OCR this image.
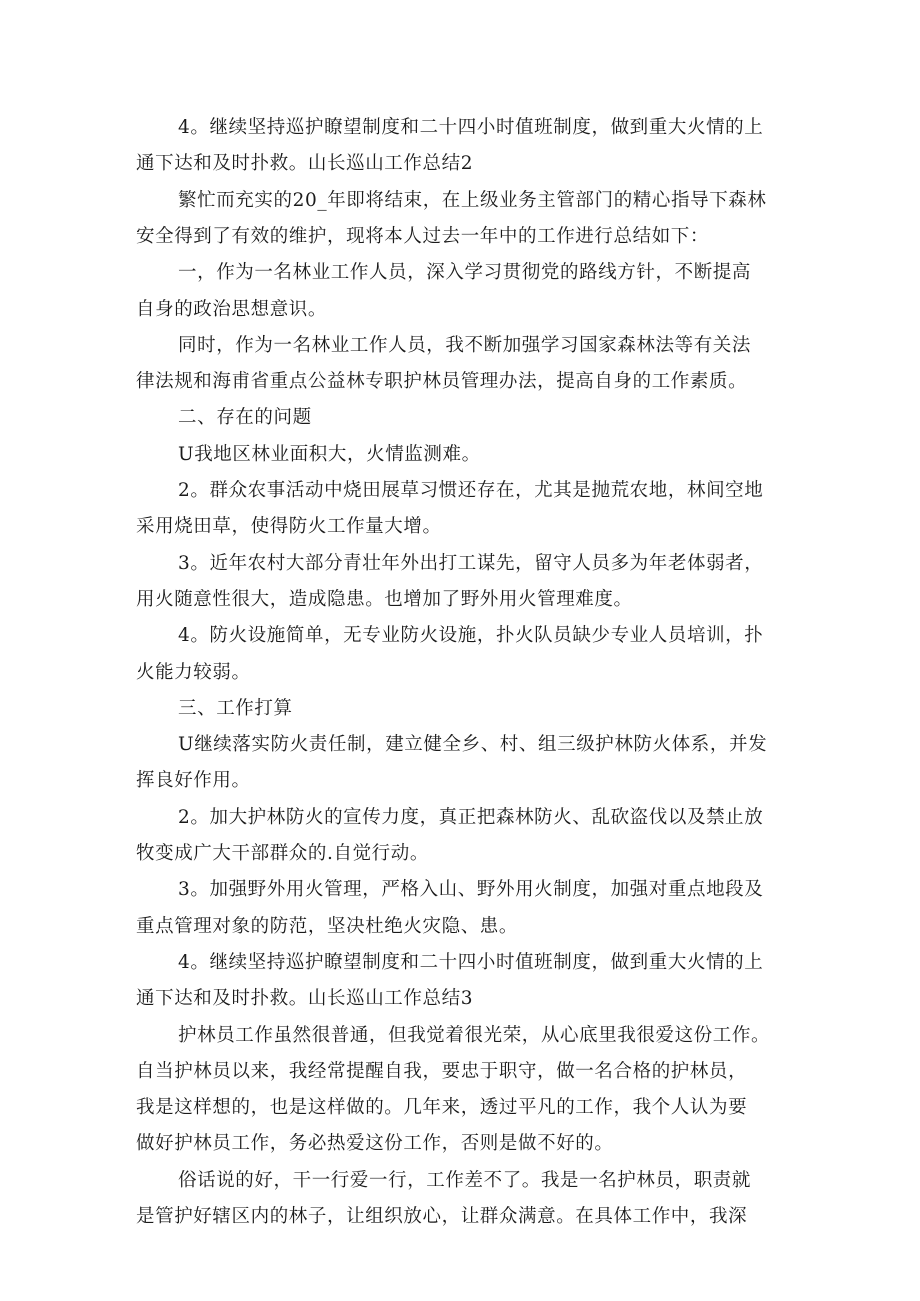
4。继续坚持巡护瞭望制度和二十四小时值班制度，做到重大火情的上
通下达和及时扑救。山长巡山工作总结2
繁忙而充实的20_年即将结束，在上级业务主管部门的精心指导下森林
安全得到了有效的维护，现将本人过去一年中的工作进行总结如下：
一，作为一名林业工作人员，深入学习贯彻党的路线方针，不断提高
自身的政治思想意识。
同时，作为一名林业工作人员，我不断加强学习国家森林法等有关法
律法规和海甫省重点公益林专职护林员管理办法，提高自身的工作素质。
二、存在的问题
U我地区林业面积大，火情监测难。
2。群众农事活动中烧田展草习惯还存在，尤其是抛荒农地，林间空地
采用烧田草，使得防火工作量大增。
3。近年农村大部分青壮年外出打工谋先，留守人员多为年老体弱者，
用火随意性很大，造成隐患。也增加了野外用火管理难度。
4。防火设施简单，无专业防火设施，扑火队员缺少专业人员培训，扑
火能力较弱。
三、工作打算
U继续落实防火责任制，建立健全乡、村、组三级护林防火体系，并发
挥良好作用。
2。加大护林防火的宣传力度，真正把森林防火、乱砍盗伐以及禁止放
牧变成广大干部群众的.自觉行动。
3。加强野外用火管理，严格入山、野外用火制度，加强对重点地段及
重点管理对象的防范，坚决杜绝火灾隐、患。
4。继续坚持巡护瞭望制度和二十四小时值班制度，做到重大火情的上
通下达和及时扑救。山长巡山工作总结3
护林员工作虽然很普通，但我觉着很光荣，从心底里我很爱这份工作。
自当护林员以来，我经常提醒自我，要忠于职守，做一名合格的护林员，
我是这样想的，也是这样做的。几年来，透过平凡的工作，我个人认为要
做好护林员工作，务必热爱这份工作，否则是做不好的。
俗话说的好，干一行爱一行，工作差不了。我是一名护林员，职责就
是管护好辖区内的林子，让组织放心，让群众满意。在具体工作中，我深
